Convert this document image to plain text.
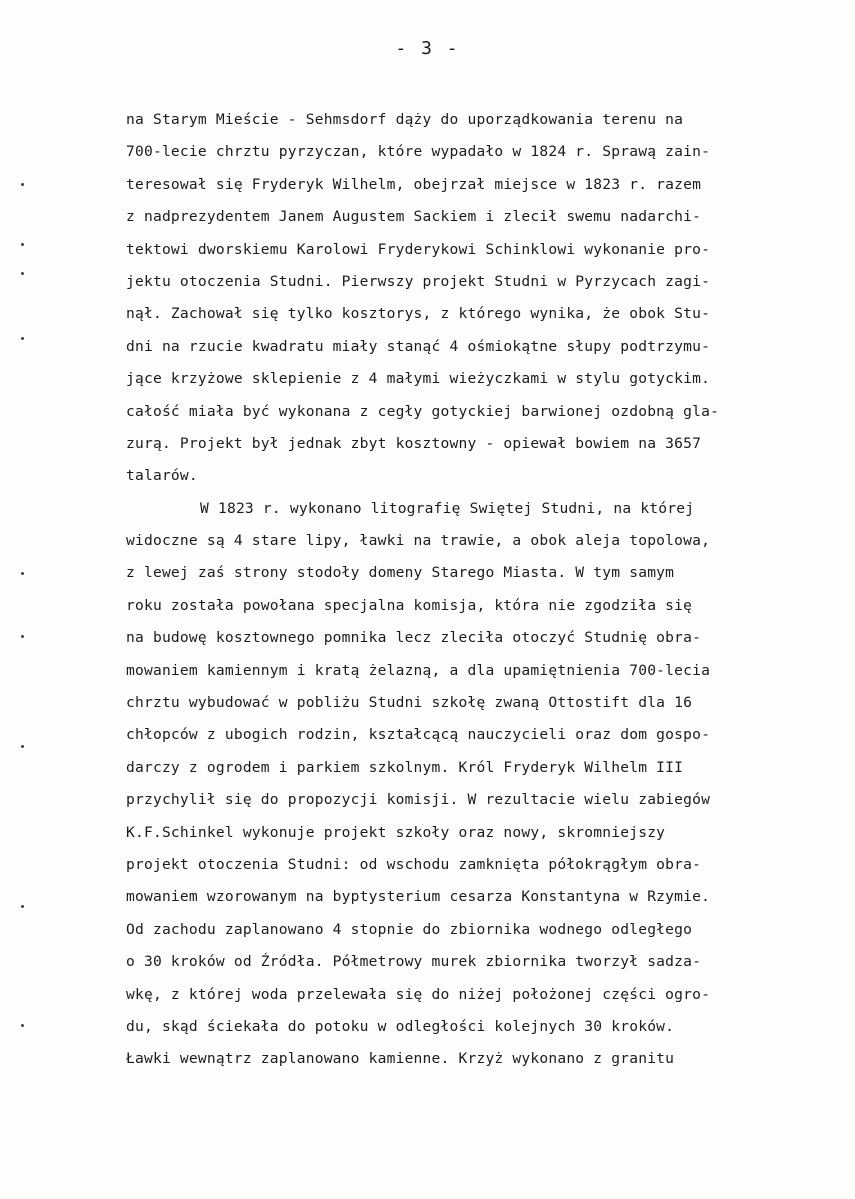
- 3 -
na Starym Mieście - Sehmsdorf dąży do uporządkowania terenu na
700-lecie chrztu pyrzyczan, które wypadało w 1824 r. Sprawą zain-
teresował się Fryderyk Wilhelm, obejrzał miejsce w 1823 r. razem
z nadprezydentem Janem Augustem Sackiem i zlecił swemu nadarchi-
tektowi dworskiemu Karolowi Fryderykowi Schinklowi wykonanie pro-
jektu otoczenia Studni. Pierwszy projekt Studni w Pyrzycach zagi-
nął. Zachował się tylko kosztorys, z którego wynika, że obok Stu-
dni na rzucie kwadratu miały stanąć 4 ośmiokątne słupy podtrzymu-
jące krzyżowe sklepienie z 4 małymi wieżyczkami w stylu gotyckim.
całość miała być wykonana z cegły gotyckiej barwionej ozdobną gla-
zurą. Projekt był jednak zbyt kosztowny - opiewał bowiem na 3657
talarów.
W 1823 r. wykonano litografię Swiętej Studni, na której
widoczne są 4 stare lipy, ławki na trawie, a obok aleja topolowa,
z lewej zaś strony stodoły domeny Starego Miasta. W tym samym
roku została powołana specjalna komisja, która nie zgodziła się
na budowę kosztownego pomnika lecz zleciła otoczyć Studnię obra-
mowaniem kamiennym i kratą żelazną, a dla upamiętnienia 700-lecia
chrztu wybudować w pobliżu Studni szkołę zwaną Ottostift dla 16
chłopców z ubogich rodzin, kształcącą nauczycieli oraz dom gospo-
darczy z ogrodem i parkiem szkolnym. Król Fryderyk Wilhelm III
przychylił się do propozycji komisji. W rezultacie wielu zabiegów
K.F.Schinkel wykonuje projekt szkoły oraz nowy, skromniejszy
projekt otoczenia Studni: od wschodu zamknięta półokrągłym obra-
mowaniem wzorowanym na byptysterium cesarza Konstantyna w Rzymie.
Od zachodu zaplanowano 4 stopnie do zbiornika wodnego odległego
o 30 kroków od Źródła. Półmetrowy murek zbiornika tworzył sadza-
wkę, z której woda przelewała się do niżej położonej części ogro-
du, skąd ściekała do potoku w odległości kolejnych 30 kroków.
Ławki wewnątrz zaplanowano kamienne. Krzyż wykonano z granitu
